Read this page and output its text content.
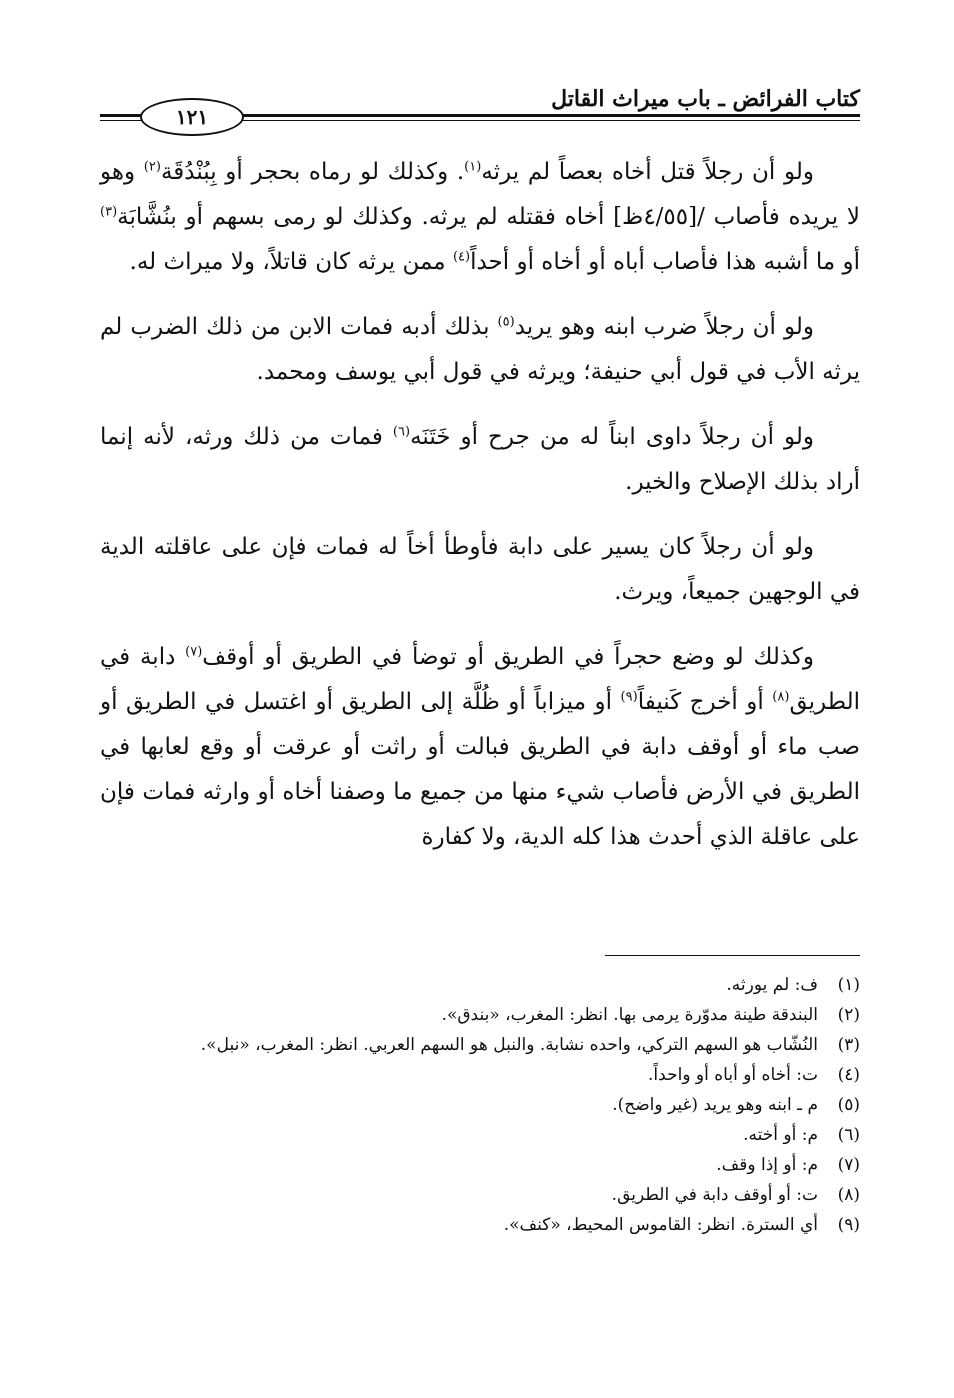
كتاب الفرائض ـ باب ميراث القاتل
١٢١

ولو أن رجلاً قتل أخاه بعصاً لم يرثه$^{(١)}$. وكذلك لو رماه بحجر أو بِبُنْدُقَة$^{(٢)}$ وهو لا يريده فأصاب /[٤/٥٥ظ] أخاه فقتله لم يرثه. وكذلك لو رمى بسهم أو بنُشَّابَة$^{(٣)}$ أو ما أشبه هذا فأصاب أباه أو أخاه أو أحداً$^{(٤)}$ ممن يرثه كان قاتلاً، ولا ميراث له.

ولو أن رجلاً ضرب ابنه وهو يريد$^{(٥)}$ بذلك أدبه فمات الابن من ذلك الضرب لم يرثه الأب في قول أبي حنيفة؛ ويرثه في قول أبي يوسف ومحمد.

ولو أن رجلاً داوى ابناً له من جرح أو خَتَنَه$^{(٦)}$ فمات من ذلك ورثه، لأنه إنما أراد بذلك الإصلاح والخير.

ولو أن رجلاً كان يسير على دابة فأوطأ أخاً له فمات فإن على عاقلته الدية في الوجهين جميعاً، ويرث.

وكذلك لو وضع حجراً في الطريق أو توضأ في الطريق أو أوقف$^{(٧)}$ دابة في الطريق$^{(٨)}$ أو أخرج كَنيفاً$^{(٩)}$ أو ميزاباً أو ظُلَّة إلى الطريق أو اغتسل في الطريق أو صب ماء أو أوقف دابة في الطريق فبالت أو راثت أو عرقت أو وقع لعابها في الطريق في الأرض فأصاب شيء منها من جميع ما وصفنا أخاه أو وارثه فمات فإن على عاقلة الذي أحدث هذا كله الدية، ولا كفارة

(١)
ف: لم يورثه.
(٢)
البندقة طينة مدوّرة يرمى بها. انظر: المغرب، «بندق».
(٣)
النُشّاب هو السهم التركي، واحده نشابة. والنبل هو السهم العربي. انظر: المغرب، «نبل».
(٤)
ت: أخاه أو أباه أو واحداً.
(٥)
م ـ ابنه وهو يريد (غير واضح).
(٦)
م: أو أخته.
(٧)
م: أو إذا وقف.
(٨)
ت: أو أوقف دابة في الطريق.
(٩)
أي السترة. انظر: القاموس المحيط، «كنف».
